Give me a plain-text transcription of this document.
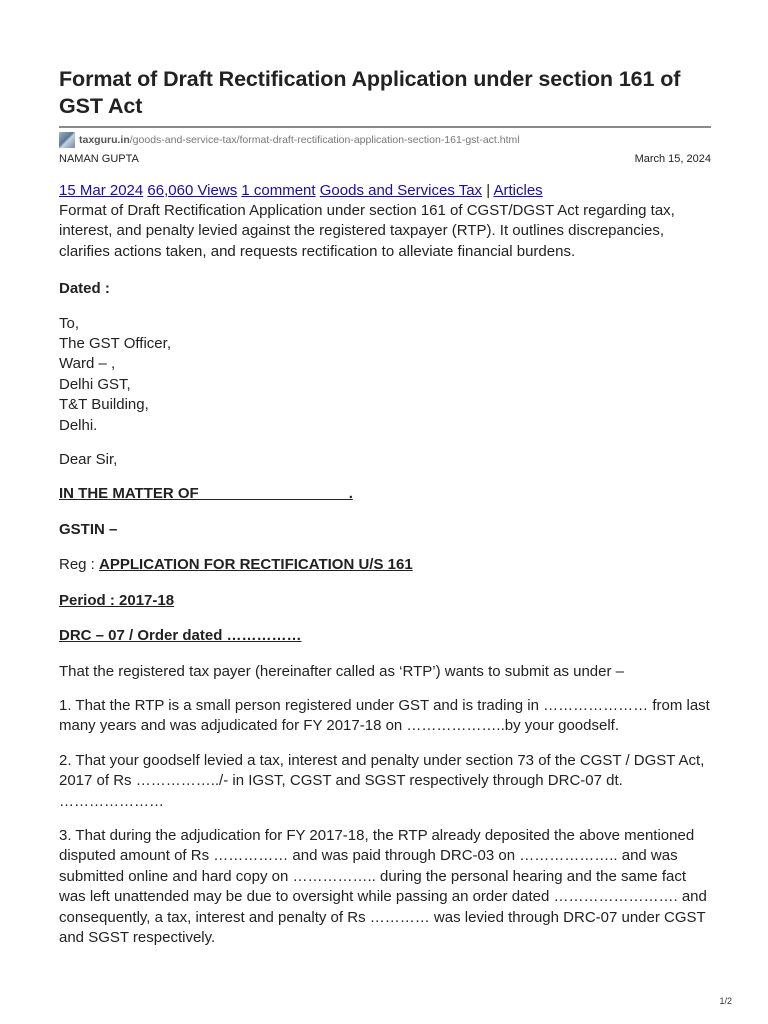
Format of Draft Rectification Application under section 161 of GST Act
taxguru.in /goods-and-service-tax/format-draft-rectification-application-section-161-gst-act.html
NAMAN GUPTA	March 15, 2024
15 Mar 2024 66,060 Views 1 comment Goods and Services Tax | Articles

Format of Draft Rectification Application under section 161 of CGST/DGST Act regarding tax, interest, and penalty levied against the registered taxpayer (RTP). It outlines discrepancies, clarifies actions taken, and requests rectification to alleviate financial burdens.

Dated :

To,
The GST Officer,
Ward – ,
Delhi GST,
T&T Building,
Delhi.

Dear Sir,

IN THE MATTER OF                                    .

GSTIN –

Reg : APPLICATION FOR RECTIFICATION U/S 161

Period : 2017-18

DRC – 07 / Order dated ……………

That the registered tax payer (hereinafter called as ‘RTP’) wants to submit as under –

1. That the RTP is a small person registered under GST and is trading in ………………… from last many years and was adjudicated for FY 2017-18 on ………………..by your goodself.

2. That your goodself levied a tax, interest and penalty under section 73 of the CGST / DGST Act, 2017 of Rs ……………../- in IGST, CGST and SGST respectively through DRC-07 dt. …………………

3. That during the adjudication for FY 2017-18, the RTP already deposited the above mentioned disputed amount of Rs …………… and was paid through DRC-03 on ……………….. and was submitted online and hard copy on …………….. during the personal hearing and the same fact was left unattended may be due to oversight while passing an order dated ……………………. and consequently, a tax, interest and penalty of Rs ………… was levied through DRC-07 under CGST and SGST respectively.

1/2
